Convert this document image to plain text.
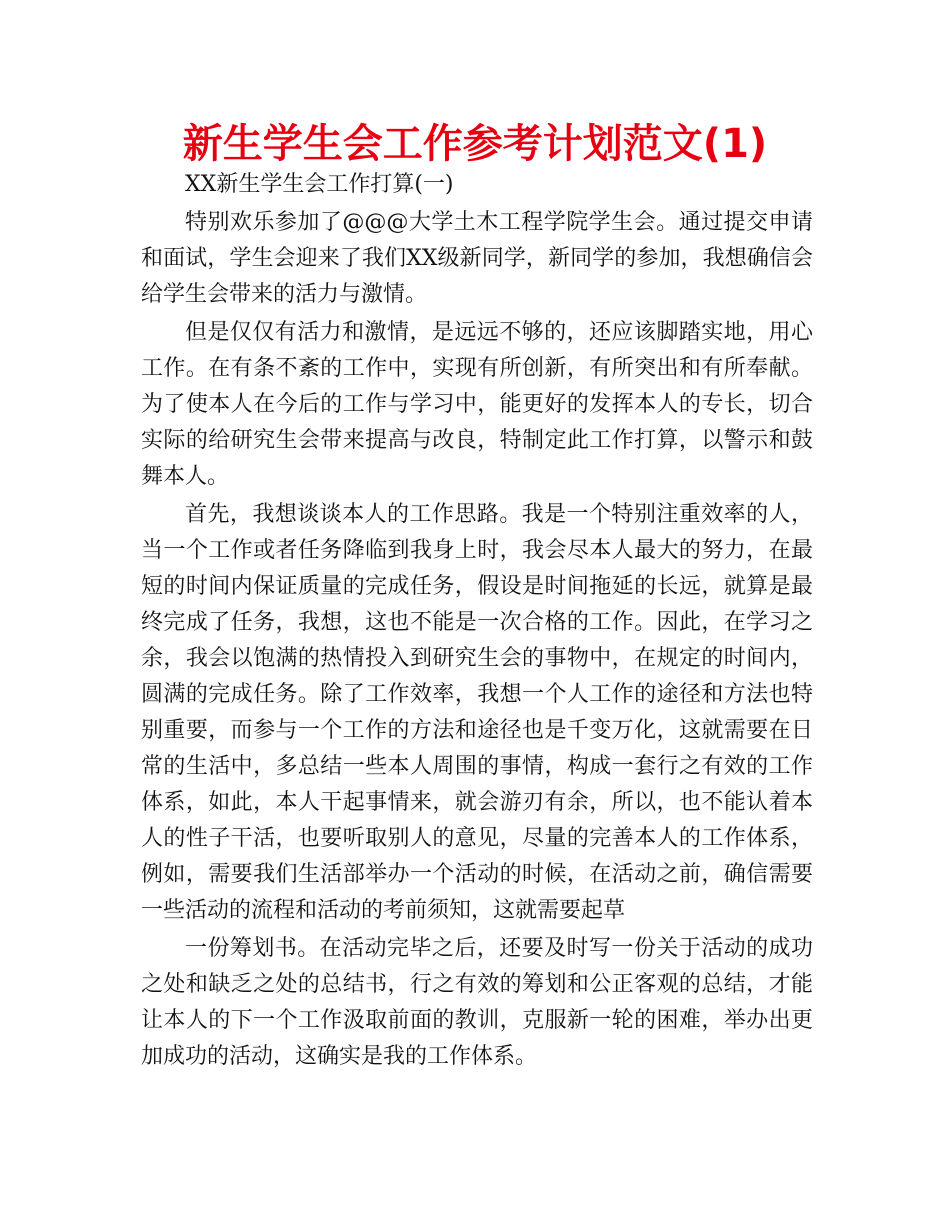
新生学生会工作参考计划范文(1)

XX新生学生会工作打算(一)

特别欢乐参加了@@@大学土木工程学院学生会。通过提交申请和面试，学生会迎来了我们XX级新同学，新同学的参加，我想确信会给学生会带来的活力与激情。

但是仅仅有活力和激情，是远远不够的，还应该脚踏实地，用心工作。在有条不紊的工作中，实现有所创新，有所突出和有所奉献。为了使本人在今后的工作与学习中，能更好的发挥本人的专长，切合实际的给研究生会带来提高与改良，特制定此工作打算，以警示和鼓舞本人。

首先，我想谈谈本人的工作思路。我是一个特别注重效率的人，当一个工作或者任务降临到我身上时，我会尽本人最大的努力，在最短的时间内保证质量的完成任务，假设是时间拖延的长远，就算是最终完成了任务，我想，这也不能是一次合格的工作。因此，在学习之余，我会以饱满的热情投入到研究生会的事物中，在规定的时间内，圆满的完成任务。除了工作效率，我想一个人工作的途径和方法也特别重要，而参与一个工作的方法和途径也是千变万化，这就需要在日常的生活中，多总结一些本人周围的事情，构成一套行之有效的工作体系，如此，本人干起事情来，就会游刃有余，所以，也不能认着本人的性子干活，也要听取别人的意见，尽量的完善本人的工作体系，例如，需要我们生活部举办一个活动的时候，在活动之前，确信需要一些活动的流程和活动的考前须知，这就需要起草

一份筹划书。在活动完毕之后，还要及时写一份关于活动的成功之处和缺乏之处的总结书，行之有效的筹划和公正客观的总结，才能让本人的下一个工作汲取前面的教训，克服新一轮的困难，举办出更加成功的活动，这确实是我的工作体系。
